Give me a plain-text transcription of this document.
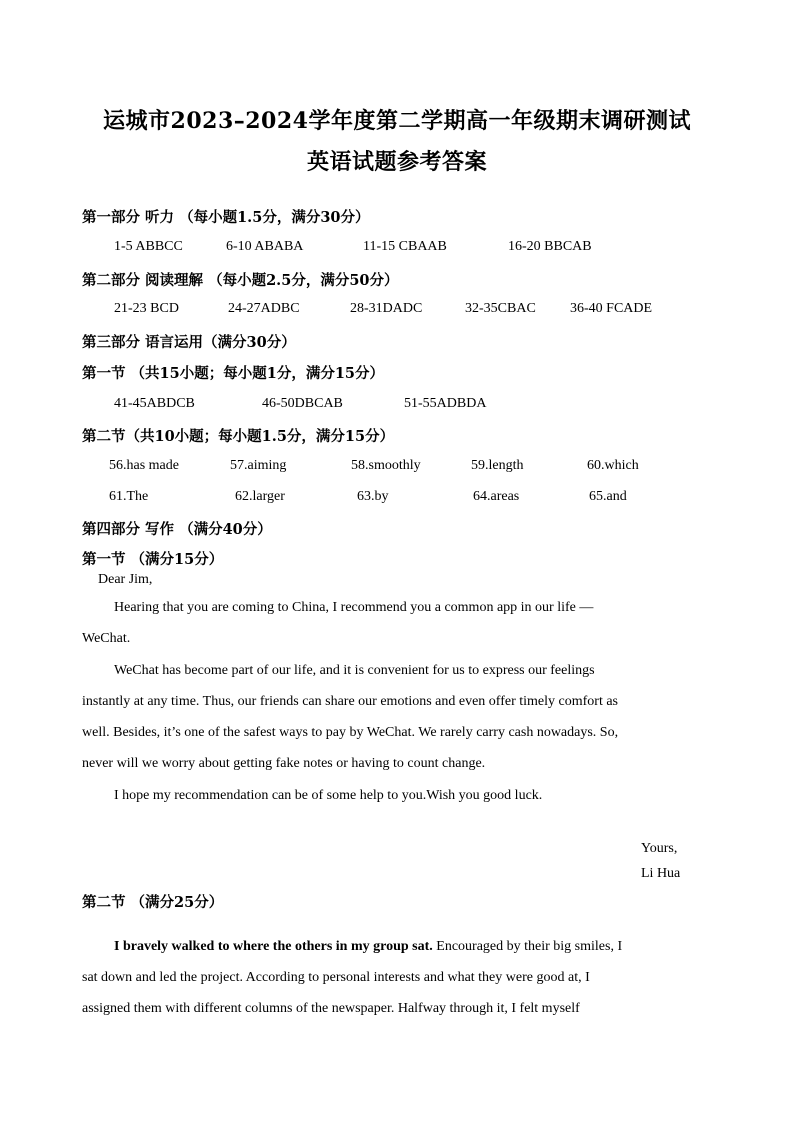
运城市2023–2024学年度第二学期高一年级期末调研测试
英语试题参考答案
第一部分 听力 （每小题1.5分，满分30分）
1-5 ABBCC	6-10 ABABA	11-15 CBAAB	16-20 BBCAB
第二部分 阅读理解 （每小题2.5分，满分50分）
21-23 BCD	24-27ADBC	28-31DADC	32-35CBAC 36-40 FCADE
第三部分 语言运用（满分30分）
第一节 （共15小题；每小题1分，满分15分）
41-45ABDCB	46-50DBCAB	51-55ADBDA
第二节（共10小题；每小题1.5分，满分15分）
56.has made	57.aiming	58.smoothly	59.length	60.which
61.The	62.larger	63.by	64.areas	65.and
第四部分 写作 （满分40分）
第一节 （满分15分）
Dear Jim,
Hearing that you are coming to China, I recommend you a common app in our life —
WeChat.
WeChat has become part of our life, and it is convenient for us to express our feelings
instantly at any time. Thus, our friends can share our emotions and even offer timely comfort as
well. Besides, it’s one of the safest ways to pay by WeChat. We rarely carry cash nowadays. So,
never will we worry about getting fake notes or having to count change.
I hope my recommendation can be of some help to you.Wish you good luck.
Yours,
Li Hua
第二节 （满分25分）
I bravely walked to where the others in my group sat. Encouraged by their big smiles, I
sat down and led the project. According to personal interests and what they were good at, I
assigned them with different columns of the newspaper. Halfway through it, I felt myself
